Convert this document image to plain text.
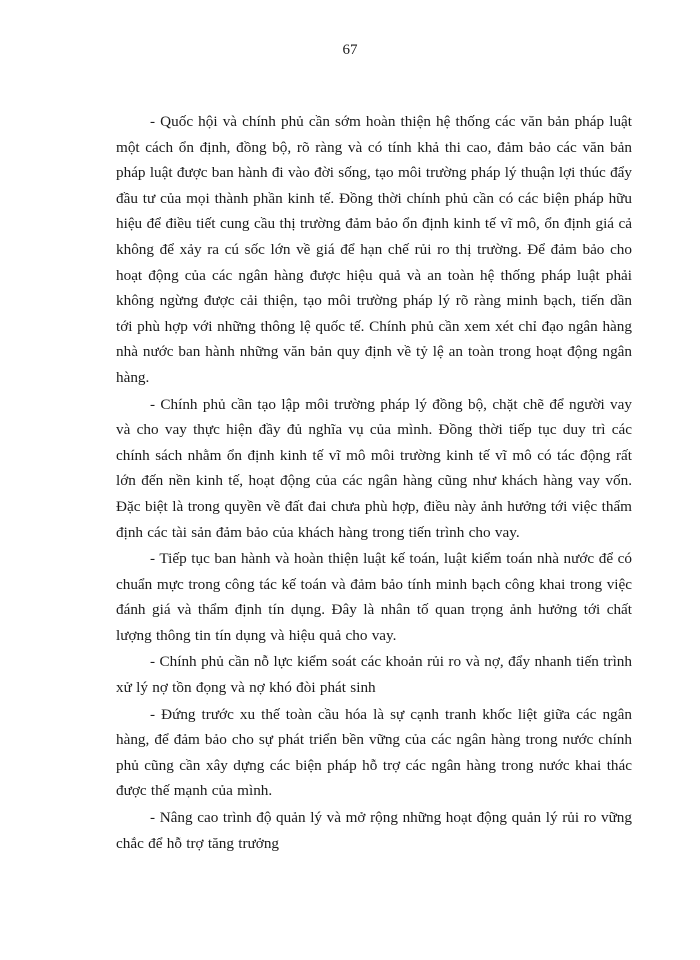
67

- Quốc hội và chính phủ cần sớm hoàn thiện hệ thống các văn bản pháp luật một cách ổn định, đồng bộ, rõ ràng và có tính khả thi cao, đảm bảo các văn bản pháp luật được ban hành đi vào đời sống, tạo môi trường pháp lý thuận lợi thúc đẩy đầu tư của mọi thành phần kinh tế. Đồng thời chính phủ cần có các biện pháp hữu hiệu để điều tiết cung cầu thị trường đảm bảo ổn định kinh tế vĩ mô, ổn định giá cả không để xảy ra cú sốc lớn về giá để hạn chế rủi ro thị trường. Để đảm bảo cho hoạt động của các ngân hàng được hiệu quả và an toàn hệ thống pháp luật phải không ngừng được cải thiện, tạo môi trường pháp lý rõ ràng minh bạch, tiến dần tới phù hợp với những thông lệ quốc tế. Chính phủ cần xem xét chỉ đạo ngân hàng nhà nước ban hành những văn bản quy định về tỷ lệ an toàn trong hoạt động ngân hàng.

- Chính phủ cần tạo lập môi trường pháp lý đồng bộ, chặt chẽ để người vay và cho vay thực hiện đầy đủ nghĩa vụ của mình. Đồng thời tiếp tục duy trì các chính sách nhằm ổn định kinh tế vĩ mô môi trường kinh tế vĩ mô có tác động rất lớn đến nền kinh tế, hoạt động của các ngân hàng cũng như khách hàng vay vốn. Đặc biệt là trong quyền về đất đai chưa phù hợp, điều này ảnh hưởng tới việc thẩm định các tài sản đảm bảo của khách hàng trong tiến trình cho vay.

- Tiếp tục ban hành và hoàn thiện luật kế toán, luật kiểm toán nhà nước để có chuẩn mực trong công tác kế toán và đảm bảo tính minh bạch công khai trong việc đánh giá và thẩm định tín dụng. Đây là nhân tố quan trọng ảnh hưởng tới chất lượng thông tin tín dụng và hiệu quả cho vay.

- Chính phủ cần nỗ lực kiểm soát các khoản rủi ro và nợ, đẩy nhanh tiến trình xử lý nợ tồn đọng và nợ khó đòi phát sinh

- Đứng trước xu thế toàn cầu hóa là sự cạnh tranh khốc liệt giữa các ngân hàng, để đảm bảo cho sự phát triển bền vững của các ngân hàng trong nước chính phủ cũng cần xây dựng các biện pháp hỗ trợ các ngân hàng trong nước khai thác được thế mạnh của mình.

- Nâng cao trình độ quản lý và mở rộng những hoạt động quản lý rủi ro vững chắc để hỗ trợ tăng trưởng
